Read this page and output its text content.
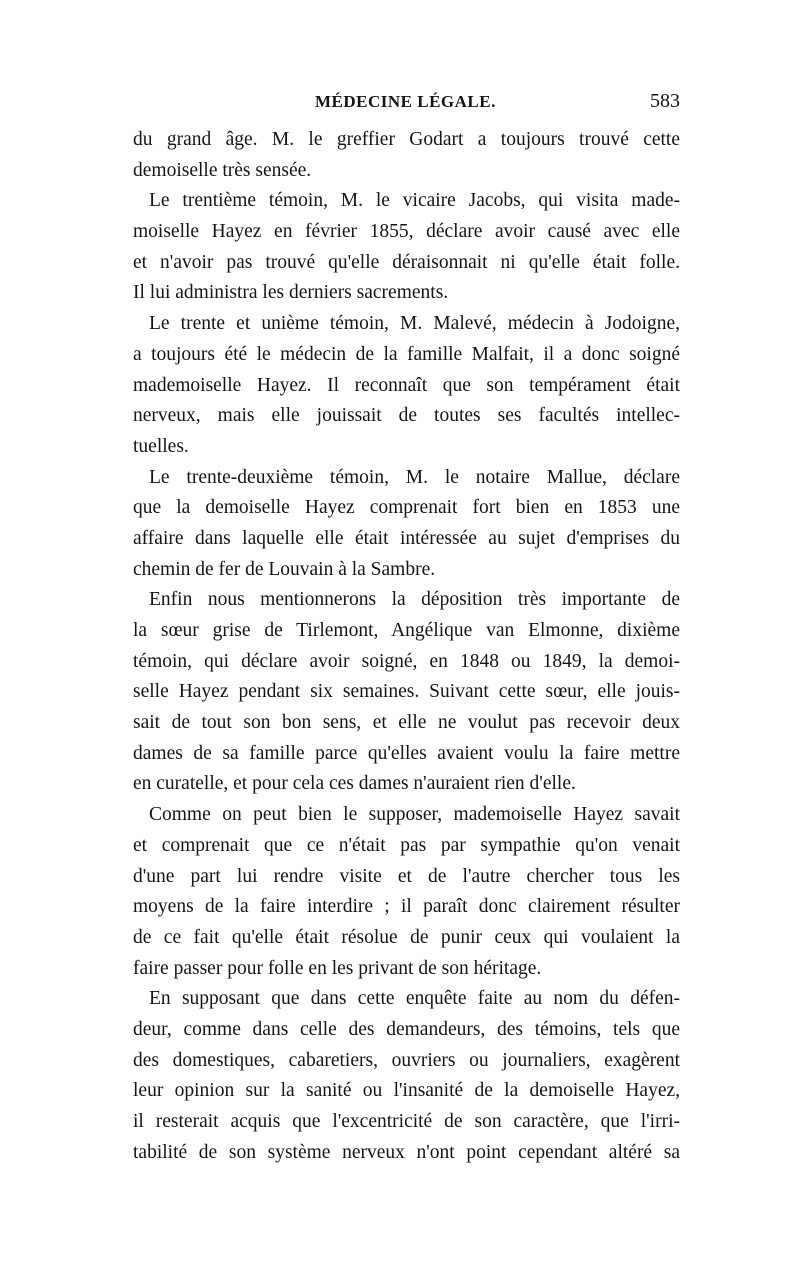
MÉDECINE LÉGALE.	583
du grand âge. M. le greffier Godart a toujours trouvé cette
demoiselle très sensée.
Le trentième témoin, M. le vicaire Jacobs, qui visita made-
moiselle Hayez en février 1855, déclare avoir causé avec elle
et n'avoir pas trouvé qu'elle déraisonnait ni qu'elle était folle.
Il lui administra les derniers sacrements.
Le trente et unième témoin, M. Malevé, médecin à Jodoigne,
a toujours été le médecin de la famille Malfait, il a donc soigné
mademoiselle Hayez. Il reconnaît que son tempérament était
nerveux, mais elle jouissait de toutes ses facultés intellec-
tuelles.
Le trente-deuxième témoin, M. le notaire Mallue, déclare
que la demoiselle Hayez comprenait fort bien en 1853 une
affaire dans laquelle elle était intéressée au sujet d'emprises du
chemin de fer de Louvain à la Sambre.
Enfin nous mentionnerons la déposition très importante de
la sœur grise de Tirlemont, Angélique van Elmonne, dixième
témoin, qui déclare avoir soigné, en 1848 ou 1849, la demoi-
selle Hayez pendant six semaines. Suivant cette sœur, elle jouis-
sait de tout son bon sens, et elle ne voulut pas recevoir deux
dames de sa famille parce qu'elles avaient voulu la faire mettre
en curatelle, et pour cela ces dames n'auraient rien d'elle.
Comme on peut bien le supposer, mademoiselle Hayez savait
et comprenait que ce n'était pas par sympathie qu'on venait
d'une part lui rendre visite et de l'autre chercher tous les
moyens de la faire interdire ; il paraît donc clairement résulter
de ce fait qu'elle était résolue de punir ceux qui voulaient la
faire passer pour folle en les privant de son héritage.
En supposant que dans cette enquête faite au nom du défen-
deur, comme dans celle des demandeurs, des témoins, tels que
des domestiques, cabaretiers, ouvriers ou journaliers, exagèrent
leur opinion sur la sanité ou l'insanité de la demoiselle Hayez,
il resterait acquis que l'excentricité de son caractère, que l'irri-
tabilité de son système nerveux n'ont point cependant altéré sa
